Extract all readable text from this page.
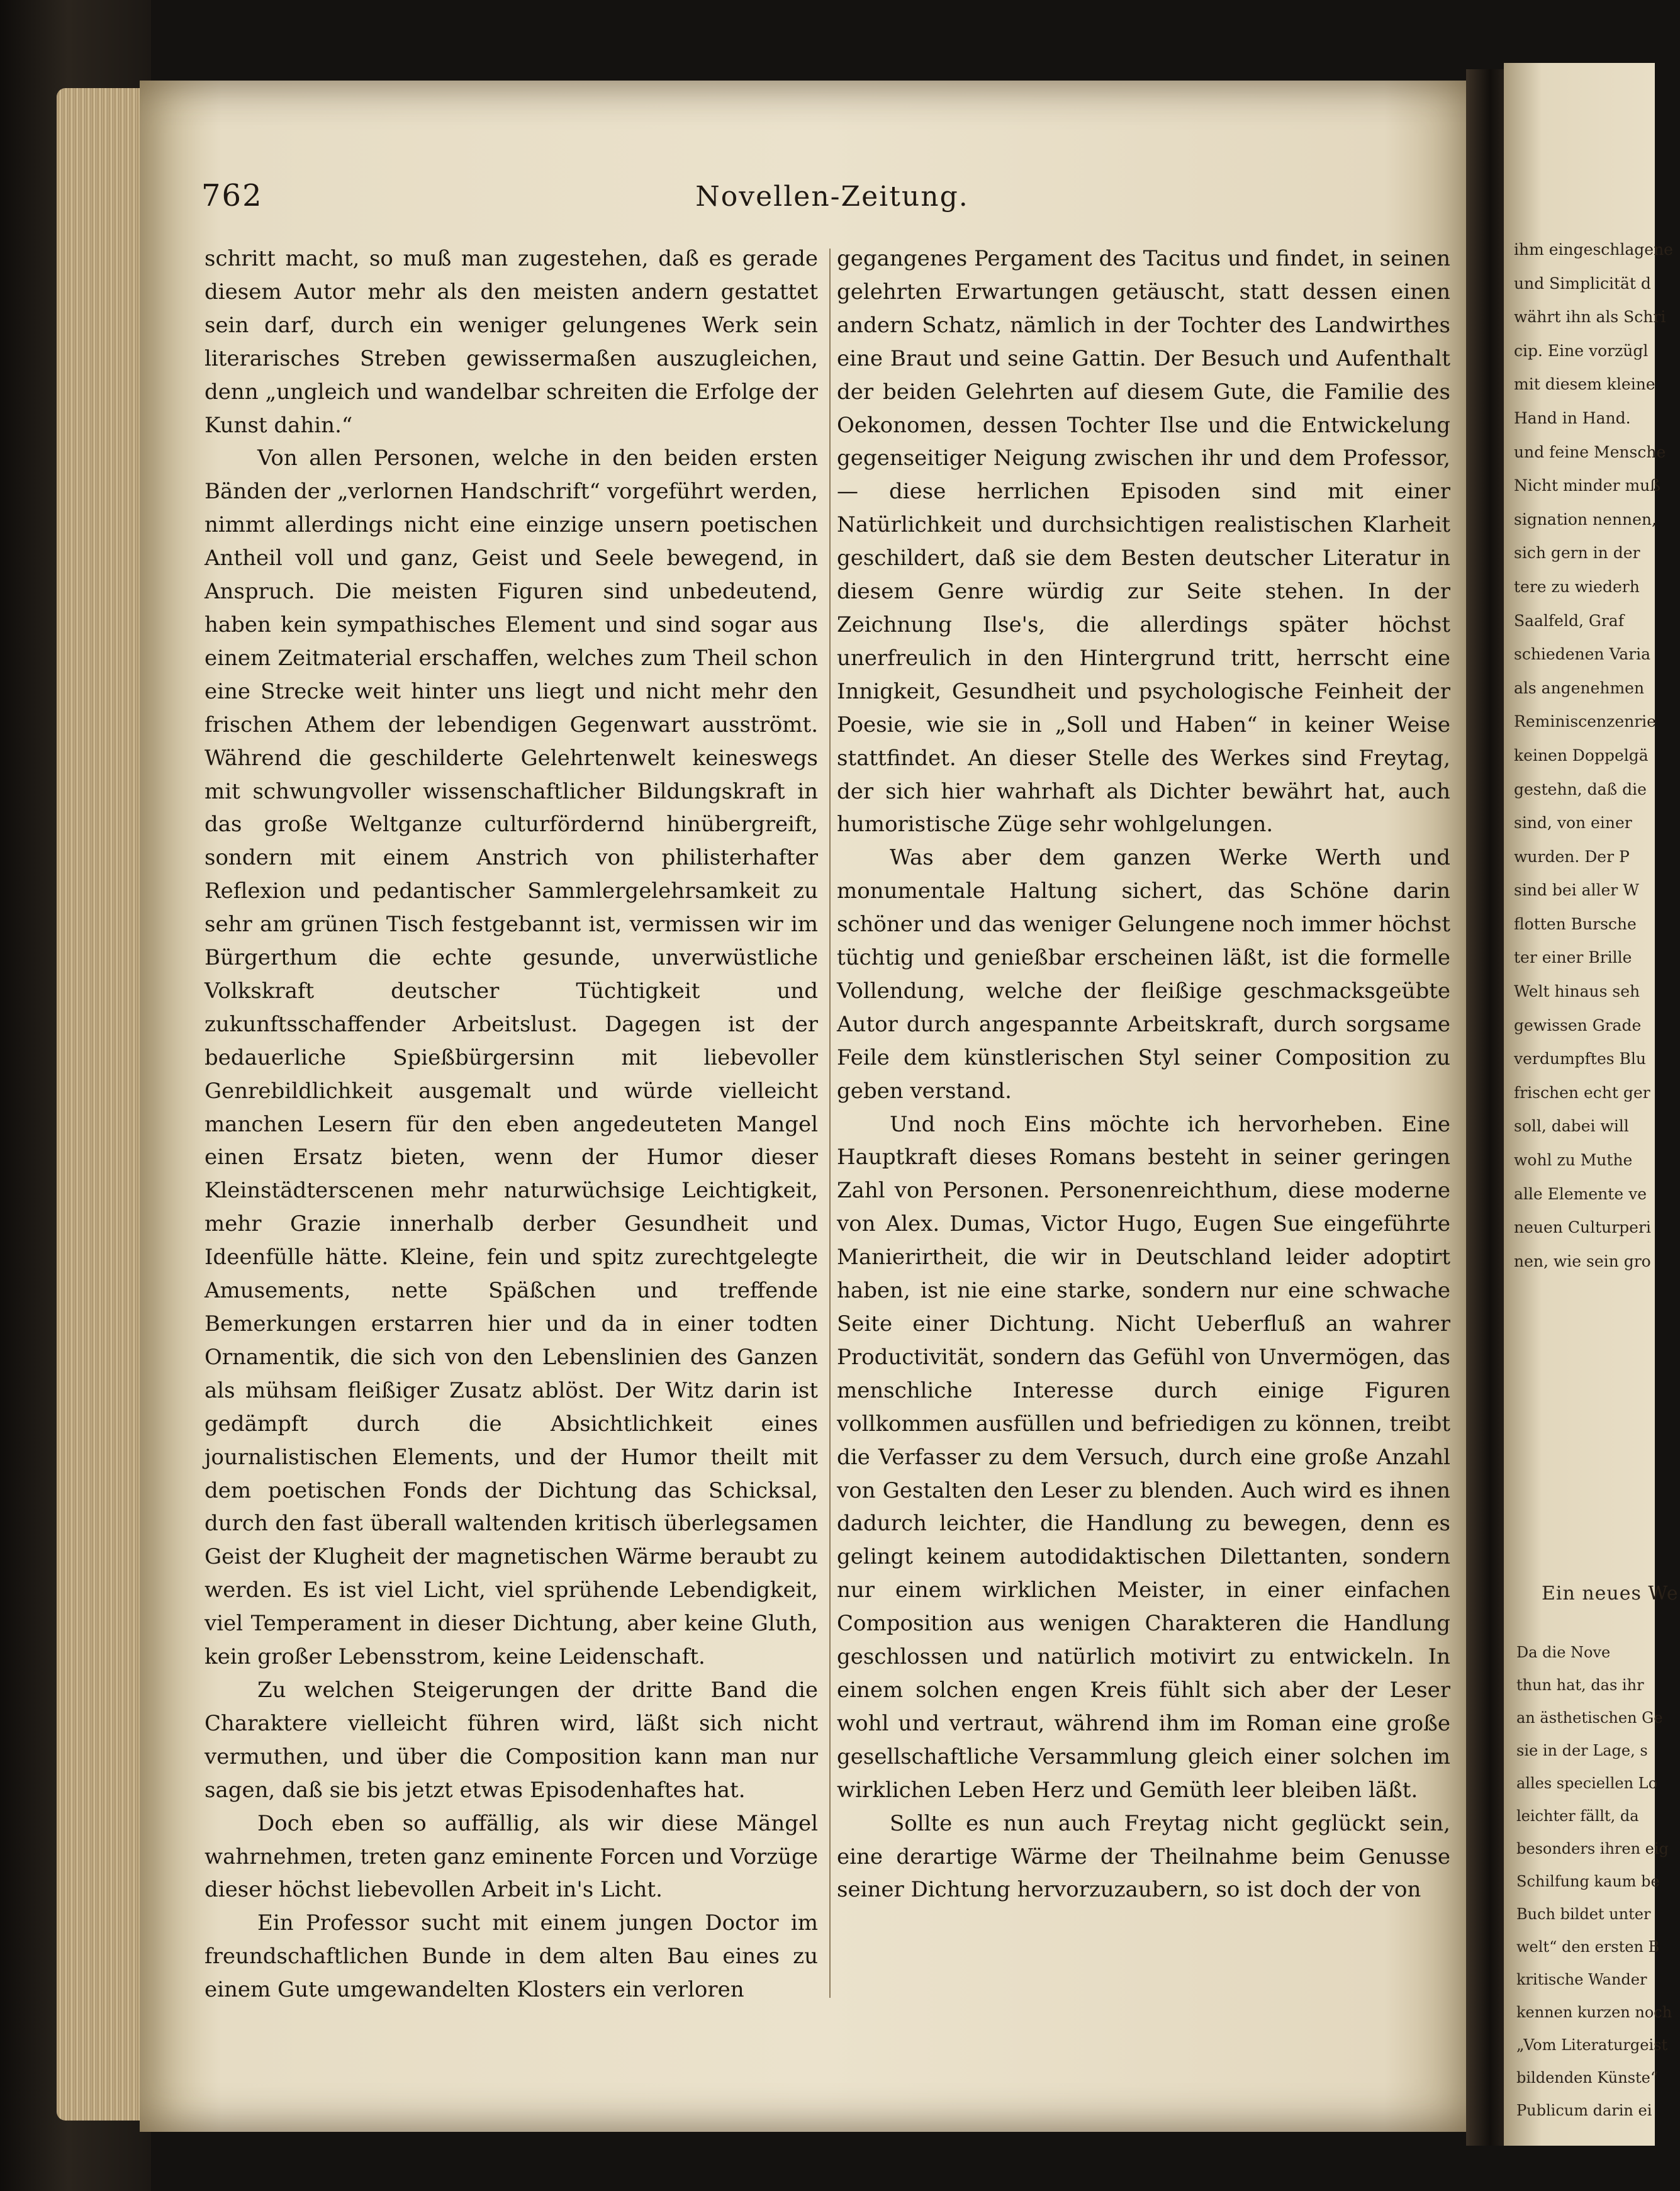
762	Novellen-Zeitung.

schritt macht, so muß man zugestehen, daß es gerade diesem Autor mehr als den meisten andern gestattet sein darf, durch ein weniger gelungenes Werk sein literarisches Streben gewissermaßen auszugleichen, denn „ungleich und wandelbar schreiten die Erfolge der Kunst dahin.“

Von allen Personen, welche in den beiden ersten Bänden der „verlornen Handschrift“ vorgeführt werden, nimmt allerdings nicht eine einzige unsern poetischen Antheil voll und ganz, Geist und Seele bewegend, in Anspruch. Die meisten Figuren sind unbedeutend, haben kein sympathisches Element und sind sogar aus einem Zeitmaterial erschaffen, welches zum Theil schon eine Strecke weit hinter uns liegt und nicht mehr den frischen Athem der lebendigen Gegenwart ausströmt. Während die geschilderte Gelehrtenwelt keineswegs mit schwungvoller wissenschaftlicher Bildungskraft in das große Weltganze culturfördernd hinübergreift, sondern mit einem Anstrich von philisterhafter Reflexion und pedantischer Sammlergelehrsamkeit zu sehr am grünen Tisch festgebannt ist, vermissen wir im Bürgerthum die echte gesunde, unverwüstliche Volkskraft deutscher Tüchtigkeit und zukunftsschaffender Arbeitslust. Dagegen ist der bedauerliche Spießbürgersinn mit liebevoller Genrebildlichkeit ausgemalt und würde vielleicht manchen Lesern für den eben angedeuteten Mangel einen Ersatz bieten, wenn der Humor dieser Kleinstädterscenen mehr naturwüchsige Leichtigkeit, mehr Grazie innerhalb derber Gesundheit und Ideenfülle hätte. Kleine, fein und spitz zurechtgelegte Amusements, nette Späßchen und treffende Bemerkungen erstarren hier und da in einer todten Ornamentik, die sich von den Lebenslinien des Ganzen als mühsam fleißiger Zusatz ablöst. Der Witz darin ist gedämpft durch die Absichtlichkeit eines journalistischen Elements, und der Humor theilt mit dem poetischen Fonds der Dichtung das Schicksal, durch den fast überall waltenden kritisch überlegsamen Geist der Klugheit der magnetischen Wärme beraubt zu werden. Es ist viel Licht, viel sprühende Lebendigkeit, viel Temperament in dieser Dichtung, aber keine Gluth, kein großer Lebensstrom, keine Leidenschaft.

Zu welchen Steigerungen der dritte Band die Charaktere vielleicht führen wird, läßt sich nicht vermuthen, und über die Composition kann man nur sagen, daß sie bis jetzt etwas Episodenhaftes hat.

Doch eben so auffällig, als wir diese Mängel wahrnehmen, treten ganz eminente Forcen und Vorzüge dieser höchst liebevollen Arbeit in's Licht.

Ein Professor sucht mit einem jungen Doctor im freundschaftlichen Bunde in dem alten Bau eines zu einem Gute umgewandelten Klosters ein verloren

gegangenes Pergament des Tacitus und findet, in seinen gelehrten Erwartungen getäuscht, statt dessen einen andern Schatz, nämlich in der Tochter des Landwirthes eine Braut und seine Gattin. Der Besuch und Aufenthalt der beiden Gelehrten auf diesem Gute, die Familie des Oekonomen, dessen Tochter Ilse und die Entwickelung gegenseitiger Neigung zwischen ihr und dem Professor, — diese herrlichen Episoden sind mit einer Natürlichkeit und durchsichtigen realistischen Klarheit geschildert, daß sie dem Besten deutscher Literatur in diesem Genre würdig zur Seite stehen. In der Zeichnung Ilse's, die allerdings später höchst unerfreulich in den Hintergrund tritt, herrscht eine Innigkeit, Gesundheit und psychologische Feinheit der Poesie, wie sie in „Soll und Haben“ in keiner Weise stattfindet. An dieser Stelle des Werkes sind Freytag, der sich hier wahrhaft als Dichter bewährt hat, auch humoristische Züge sehr wohlgelungen.

Was aber dem ganzen Werke Werth und monumentale Haltung sichert, das Schöne darin schöner und das weniger Gelungene noch immer höchst tüchtig und genießbar erscheinen läßt, ist die formelle Vollendung, welche der fleißige geschmacksgeübte Autor durch angespannte Arbeitskraft, durch sorgsame Feile dem künstlerischen Styl seiner Composition zu geben verstand.

Und noch Eins möchte ich hervorheben. Eine Hauptkraft dieses Romans besteht in seiner geringen Zahl von Personen. Personenreichthum, diese moderne von Alex. Dumas, Victor Hugo, Eugen Sue eingeführte Manierirtheit, die wir in Deutschland leider adoptirt haben, ist nie eine starke, sondern nur eine schwache Seite einer Dichtung. Nicht Ueberfluß an wahrer Productivität, sondern das Gefühl von Unvermögen, das menschliche Interesse durch einige Figuren vollkommen ausfüllen und befriedigen zu können, treibt die Verfasser zu dem Versuch, durch eine große Anzahl von Gestalten den Leser zu blenden. Auch wird es ihnen dadurch leichter, die Handlung zu bewegen, denn es gelingt keinem autodidaktischen Dilettanten, sondern nur einem wirklichen Meister, in einer einfachen Composition aus wenigen Charakteren die Handlung geschlossen und natürlich motivirt zu entwickeln. In einem solchen engen Kreis fühlt sich aber der Leser wohl und vertraut, während ihm im Roman eine große gesellschaftliche Versammlung gleich einer solchen im wirklichen Leben Herz und Gemüth leer bleiben läßt.

Sollte es nun auch Freytag nicht geglückt sein, eine derartige Wärme der Theilnahme beim Genusse seiner Dichtung hervorzuzaubern, so ist doch der von

ihm eingeschlagene

und Simplicität d

währt ihn als Schri

cip. Eine vorzügl

mit diesem kleine

Hand in Hand.

und feine Mensche

Nicht minder muß

signation nennen,

sich gern in der

tere zu wiederh

Saalfeld, Graf

schiedenen Varia

als angenehmen

Reminiscenzenrie

keinen Doppelgä

gestehn, daß die

sind, von einer

wurden. Der P

sind bei aller W

flotten Bursche

ter einer Brille

Welt hinaus seh

gewissen Grade

verdumpftes Blu

frischen echt ger

soll, dabei will

wohl zu Muthe

alle Elemente ve

neuen Culturperi

nen, wie sein gro

Ein neues We

Da die Nove

thun hat, das ihr

an ästhetischen Ge

sie in der Lage, s

alles speciellen Lo

leichter fällt, da

besonders ihren eig

Schilfung kaum be

Buch bildet unter

welt“ den ersten B

kritische Wander

kennen kurzen noch

„Vom Literaturgeist

bildenden Künste“

Publicum darin ei
